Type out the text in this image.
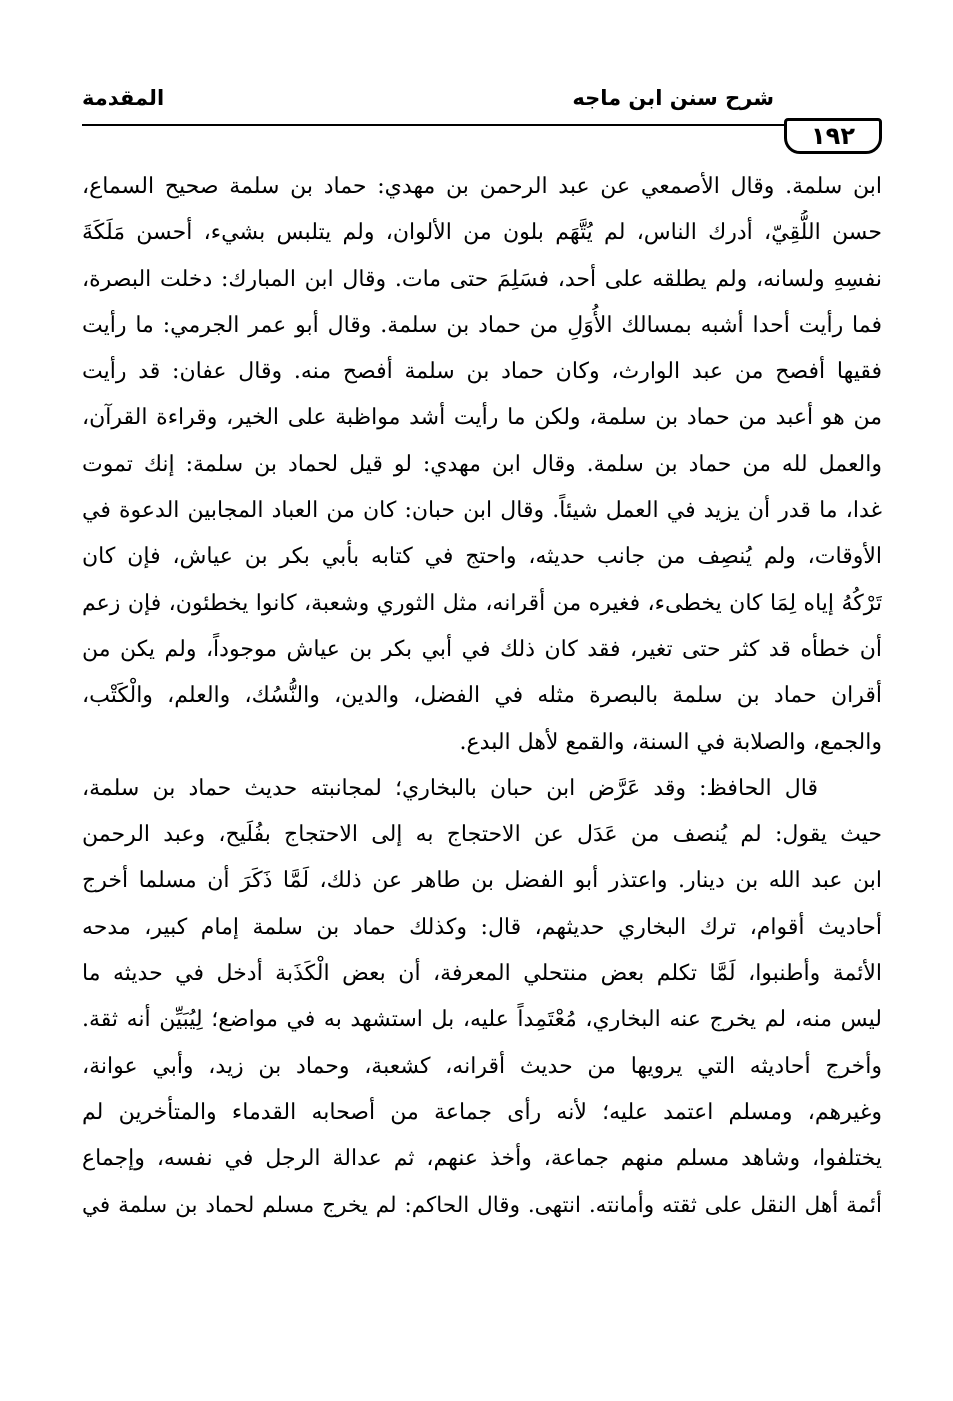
١٩٢
شرح سنن ابن ماجه
المقدمة
ابن سلمة. وقال الأصمعي عن عبد الرحمن بن مهدي: حماد بن سلمة صحيح السماع،
حسن اللُّقِيّ، أدرك الناس، لم يُتَّهَم بلون من الألوان، ولم يتلبس بشيء، أحسن مَلَكَةَ
نفسِهِ ولسانه، ولم يطلقه على أحد، فسَلِمَ حتى مات. وقال ابن المبارك: دخلت البصرة،
فما رأيت أحدا أشبه بمسالك الأُوَلِ من حماد بن سلمة. وقال أبو عمر الجرمي: ما رأيت
فقيها أفصح من عبد الوارث، وكان حماد بن سلمة أفصح منه. وقال عفان: قد رأيت
من هو أعبد من حماد بن سلمة، ولكن ما رأيت أشد مواظبة على الخير، وقراءة القرآن،
والعمل لله من حماد بن سلمة. وقال ابن مهدي: لو قيل لحماد بن سلمة: إنك تموت
غدا، ما قدر أن يزيد في العمل شيئاً. وقال ابن حبان: كان من العباد المجابين الدعوة في
الأوقات، ولم يُنصِف من جانب حديثه، واحتج في كتابه بأبي بكر بن عياش، فإن كان
تَرْكُهُ إياه لِمَا كان يخطىء، فغيره من أقرانه، مثل الثوري وشعبة، كانوا يخطئون، فإن زعم
أن خطأه قد كثر حتى تغير، فقد كان ذلك في أبي بكر بن عياش موجوداً، ولم يكن من
أقران حماد بن سلمة بالبصرة مثله في الفضل، والدين، والنُّسُك، والعلم، والْكَتْب،
والجمع، والصلابة في السنة، والقمع لأهل البدع.
قال الحافظ: وقد عَرَّض ابن حبان بالبخاري؛ لمجانبته حديث حماد بن سلمة،
حيث يقول: لم يُنصف من عَدَل عن الاحتجاج به إلى الاحتجاج بفُلَيح، وعبد الرحمن
ابن عبد الله بن دينار. واعتذر أبو الفضل بن طاهر عن ذلك، لَمَّا ذَكَرَ أن مسلما أخرج
أحاديث أقوام، ترك البخاري حديثهم، قال: وكذلك حماد بن سلمة إمام كبير، مدحه
الأئمة وأطنبوا، لَمَّا تكلم بعض منتحلي المعرفة، أن بعض الْكَذَبة أدخل في حديثه ما
ليس منه، لم يخرج عنه البخاري، مُعْتَمِداً عليه، بل استشهد به في مواضع؛ لِيُبَيِّن أنه ثقة.
وأخرج أحاديثه التي يرويها من حديث أقرانه، كشعبة، وحماد بن زيد، وأبي عوانة،
وغيرهم، ومسلم اعتمد عليه؛ لأنه رأى جماعة من أصحابه القدماء والمتأخرين لم
يختلفوا، وشاهد مسلم منهم جماعة، وأخذ عنهم، ثم عدالة الرجل في نفسه، وإجماع
أئمة أهل النقل على ثقته وأمانته. انتهى. وقال الحاكم: لم يخرج مسلم لحماد بن سلمة في
